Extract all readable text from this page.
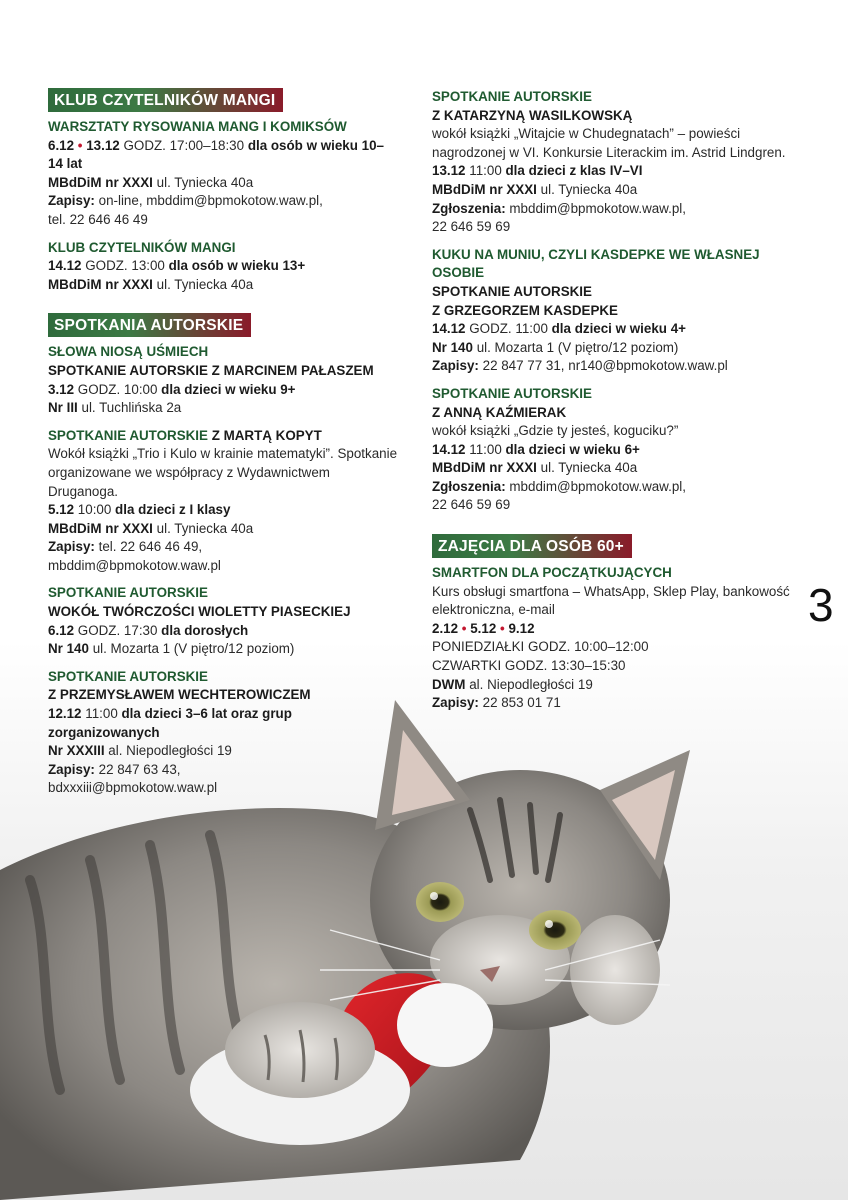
KLUB CZYTELNIKÓW MANGI
WARSZTATY RYSOWANIA MANG I KOMIKSÓW
6.12 • 13.12 GODZ. 17:00–18:30 dla osób w wieku 10–14 lat
MBdDiM nr XXXI ul. Tyniecka 40a
Zapisy: on-line, mbddim@bpmokotow.waw.pl,
tel. 22 646 46 49
KLUB CZYTELNIKÓW MANGI
14.12 GODZ. 13:00 dla osób w wieku 13+
MBdDiM nr XXXI ul. Tyniecka 40a
SPOTKANIA AUTORSKIE
SŁOWA NIOSĄ UŚMIECH
SPOTKANIE AUTORSKIE Z MARCINEM PAŁASZEM
3.12 GODZ. 10:00 dla dzieci w wieku 9+
Nr III ul. Tuchlińska 2a
SPOTKANIE AUTORSKIE Z MARTĄ KOPYT
Wokół książki „Trio i Kulo w krainie matematyki”. Spotkanie organizowane we współpracy z Wydawnictwem Druganoga.
5.12 10:00 dla dzieci z I klasy
MBdDiM nr XXXI ul. Tyniecka 40a
Zapisy: tel. 22 646 46 49,
mbddim@bpmokotow.waw.pl
SPOTKANIE AUTORSKIE
WOKÓŁ TWÓRCZOŚCI WIOLETTY PIASECKIEJ
6.12 GODZ. 17:30 dla dorosłych
Nr 140 ul. Mozarta 1 (V piętro/12 poziom)
SPOTKANIE AUTORSKIE
Z PRZEMYSŁAWEM WECHTEROWICZEM
12.12 11:00 dla dzieci 3–6 lat oraz grup zorganizowanych
Nr XXXIII al. Niepodległości 19
Zapisy: 22 847 63 43,
bdxxxiii@bpmokotow.waw.pl
SPOTKANIE AUTORSKIE
Z KATARZYNĄ WASILKOWSKĄ
wokół książki „Witajcie w Chudegnatach” – powieści nagrodzonej w VI. Konkursie Literackim im. Astrid Lindgren.
13.12 11:00 dla dzieci z klas IV–VI
MBdDiM nr XXXI ul. Tyniecka 40a
Zgłoszenia: mbddim@bpmokotow.waw.pl,
22 646 59 69
KUKU NA MUNIU, CZYLI KASDEPKE WE WŁASNEJ OSOBIE
SPOTKANIE AUTORSKIE
Z GRZEGORZEM KASDEPKE
14.12 GODZ. 11:00 dla dzieci w wieku 4+
Nr 140 ul. Mozarta 1 (V piętro/12 poziom)
Zapisy: 22 847 77 31, nr140@bpmokotow.waw.pl
SPOTKANIE AUTORSKIE
Z ANNĄ KAŹMIERAK
wokół książki „Gdzie ty jesteś, koguciku?”
14.12 11:00 dla dzieci w wieku 6+
MBdDiM nr XXXI ul. Tyniecka 40a
Zgłoszenia: mbddim@bpmokotow.waw.pl,
22 646 59 69
ZAJĘCIA DLA OSÓB 60+
SMARTFON DLA POCZĄTKUJĄCYCH
Kurs obsługi smartfona – WhatsApp, Sklep Play, bankowość elektroniczna, e-mail
2.12 • 5.12 • 9.12
PONIEDZIAŁKI GODZ. 10:00–12:00
CZWARTKI GODZ. 13:30–15:30
DWM al. Niepodległości 19
Zapisy: 22 853 01 71
3
